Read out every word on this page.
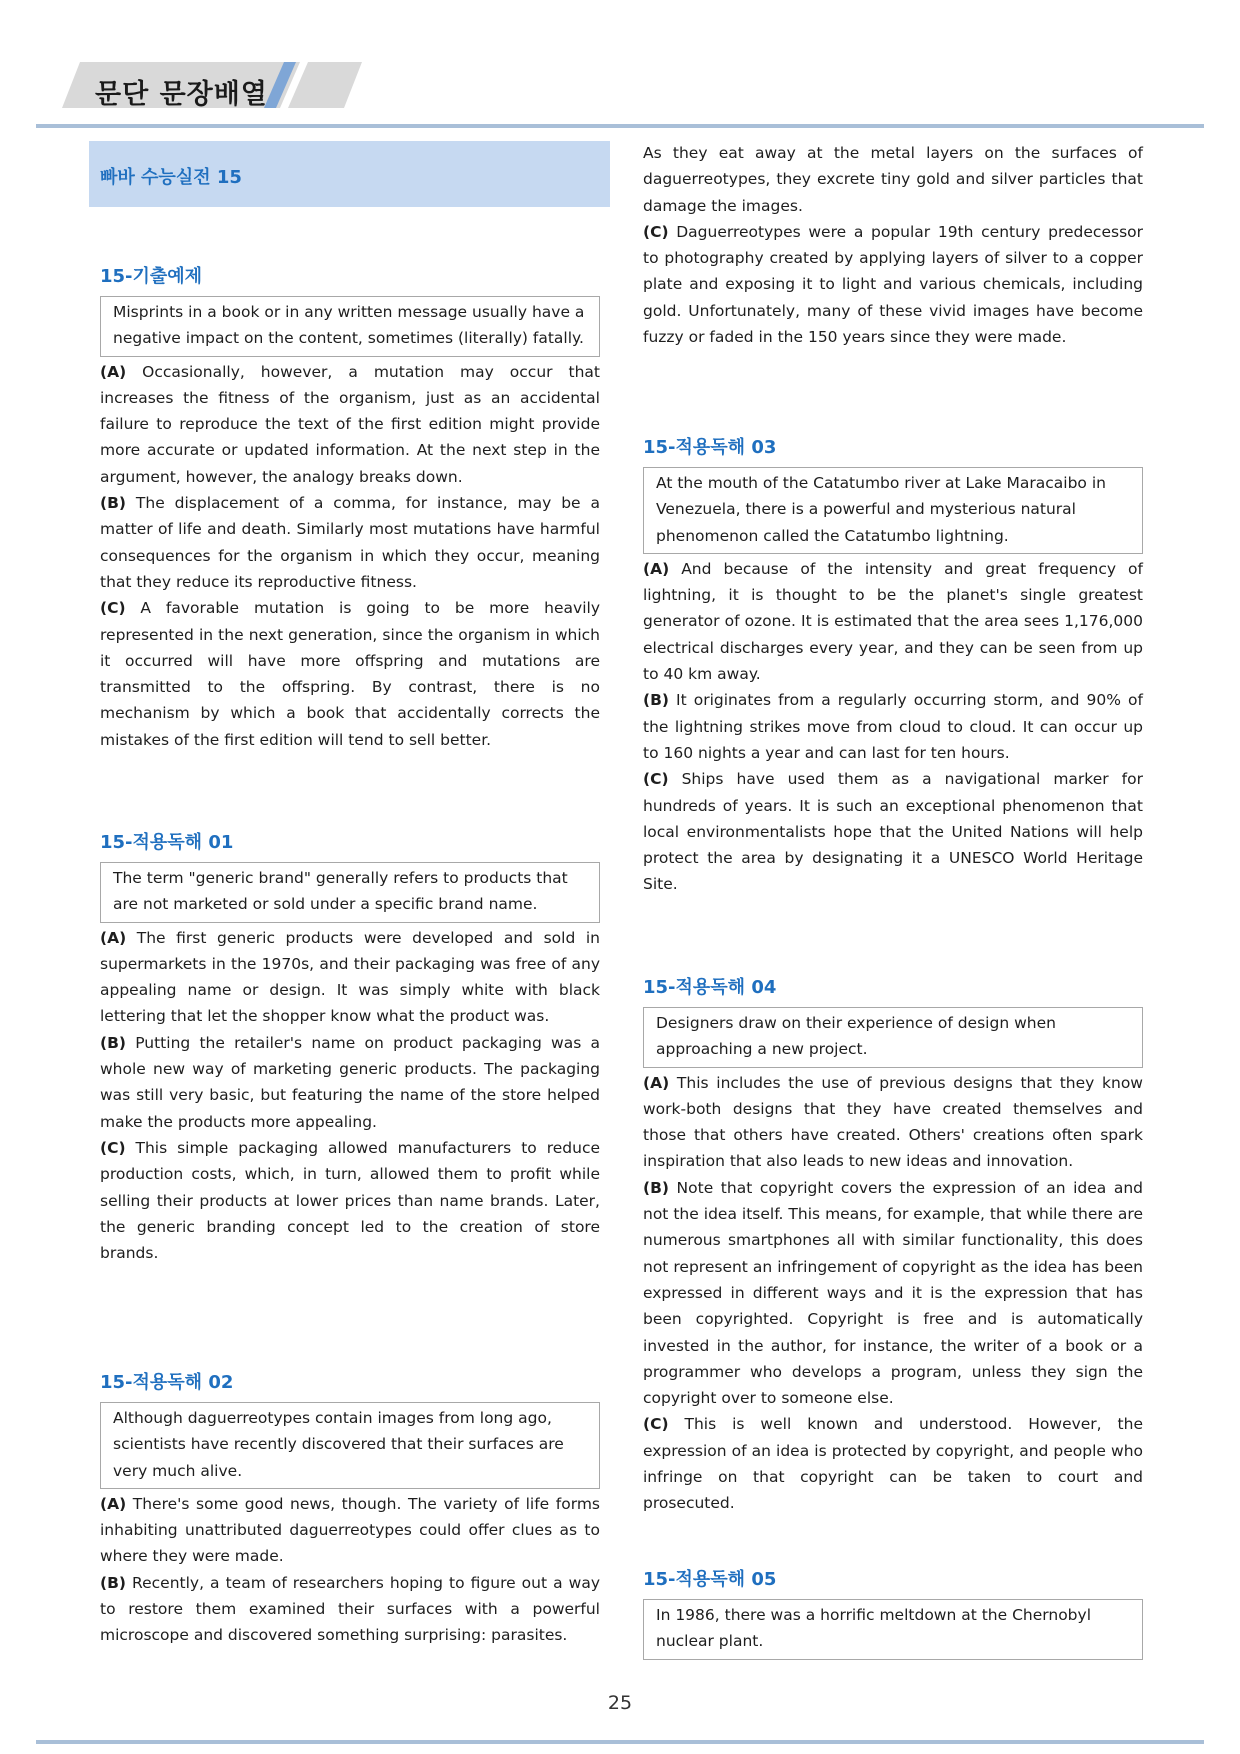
문단 문장배열
빠바 수능실전 15
15-기출예제
Misprints in a book or in any written message usually have a negative impact on the content, sometimes (literally) fatally.

(A) Occasionally, however, a mutation may occur that increases the fitness of the organism, just as an accidental failure to reproduce the text of the first edition might provide more accurate or updated information. At the next step in the argument, however, the analogy breaks down.

(B) The displacement of a comma, for instance, may be a matter of life and death. Similarly most mutations have harmful consequences for the organism in which they occur, meaning that they reduce its reproductive fitness.

(C) A favorable mutation is going to be more heavily represented in the next generation, since the organism in which it occurred will have more offspring and mutations are transmitted to the offspring. By contrast, there is no mechanism by which a book that accidentally corrects the mistakes of the first edition will tend to sell better.

15-적용독해 01
The term "generic brand" generally refers to products that are not marketed or sold under a specific brand name.

(A) The first generic products were developed and sold in supermarkets in the 1970s, and their packaging was free of any appealing name or design. It was simply white with black lettering that let the shopper know what the product was.

(B) Putting the retailer's name on product packaging was a whole new way of marketing generic products. The packaging was still very basic, but featuring the name of the store helped make the products more appealing.

(C) This simple packaging allowed manufacturers to reduce production costs, which, in turn, allowed them to profit while selling their products at lower prices than name brands. Later, the generic branding concept led to the creation of store brands.

15-적용독해 02
Although daguerreotypes contain images from long ago, scientists have recently discovered that their surfaces are very much alive.

(A) There's some good news, though. The variety of life forms inhabiting unattributed daguerreotypes could offer clues as to where they were made.

(B) Recently, a team of researchers hoping to figure out a way to restore them examined their surfaces with a powerful microscope and discovered something surprising: parasites.

As they eat away at the metal layers on the surfaces of daguerreotypes, they excrete tiny gold and silver particles that damage the images.

(C) Daguerreotypes were a popular 19th century predecessor to photography created by applying layers of silver to a copper plate and exposing it to light and various chemicals, including gold. Unfortunately, many of these vivid images have become fuzzy or faded in the 150 years since they were made.

15-적용독해 03
At the mouth of the Catatumbo river at Lake Maracaibo in Venezuela, there is a powerful and mysterious natural phenomenon called the Catatumbo lightning.

(A) And because of the intensity and great frequency of lightning, it is thought to be the planet's single greatest generator of ozone. It is estimated that the area sees 1,176,000 electrical discharges every year, and they can be seen from up to 40 km away.

(B) It originates from a regularly occurring storm, and 90% of the lightning strikes move from cloud to cloud. It can occur up to 160 nights a year and can last for ten hours.

(C) Ships have used them as a navigational marker for hundreds of years. It is such an exceptional phenomenon that local environmentalists hope that the United Nations will help protect the area by designating it a UNESCO World Heritage Site.

15-적용독해 04
Designers draw on their experience of design when approaching a new project.

(A) This includes the use of previous designs that they know work-both designs that they have created themselves and those that others have created. Others' creations often spark inspiration that also leads to new ideas and innovation.

(B) Note that copyright covers the expression of an idea and not the idea itself. This means, for example, that while there are numerous smartphones all with similar functionality, this does not represent an infringement of copyright as the idea has been expressed in different ways and it is the expression that has been copyrighted. Copyright is free and is automatically invested in the author, for instance, the writer of a book or a programmer who develops a program, unless they sign the copyright over to someone else.

(C) This is well known and understood. However, the expression of an idea is protected by copyright, and people who infringe on that copyright can be taken to court and prosecuted.

15-적용독해 05
In 1986, there was a horrific meltdown at the Chernobyl nuclear plant.
25
